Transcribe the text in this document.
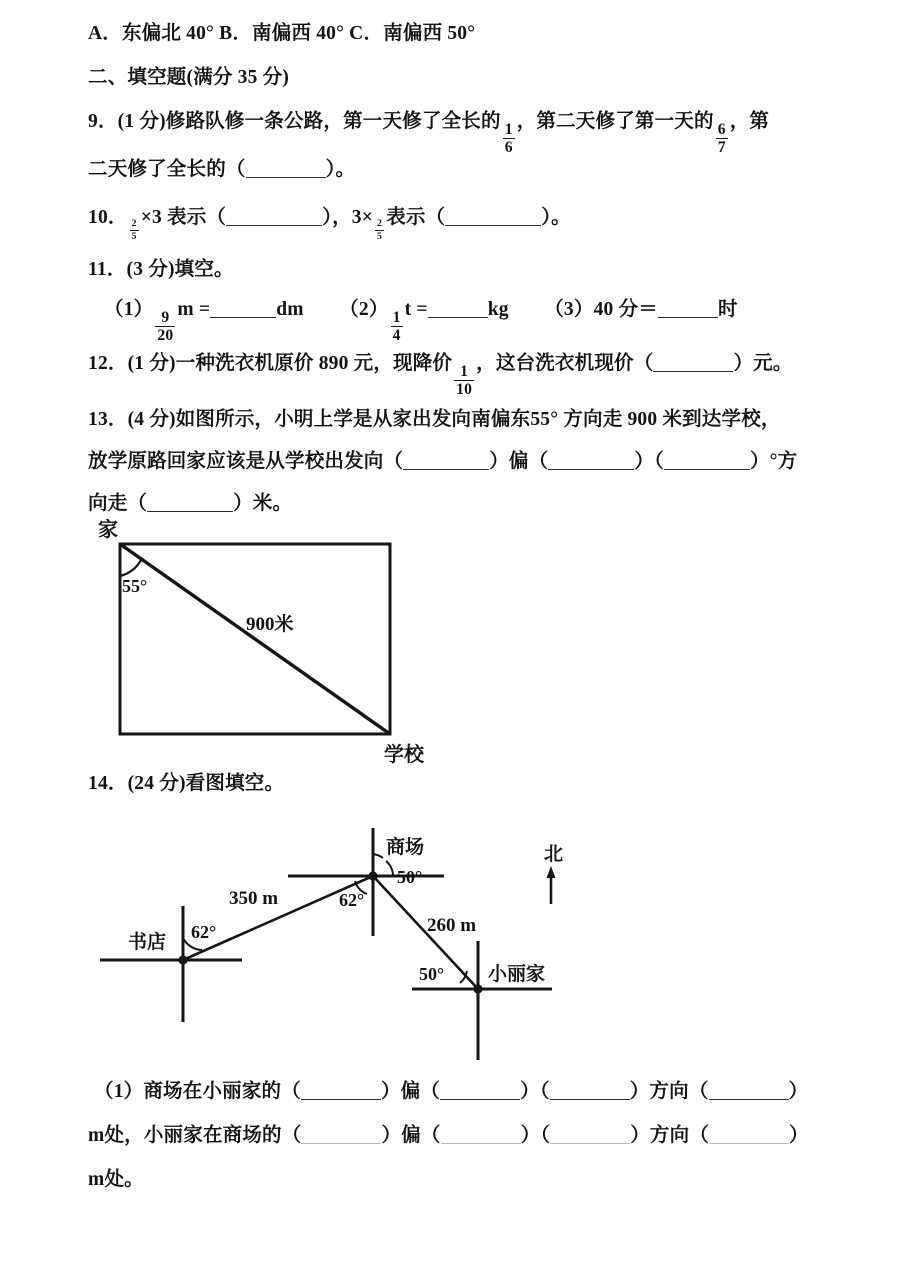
A．东偏北 40° B．南偏西 40° C．南偏西 50°
二、填空题(满分 35 分)
9．(1 分)修路队修一条公路，第一天修了全长的
$\frac{1}{6}$
，第二天修了第一天的
$\frac{6}{7}$
，第
二天修了全长的（	）。
10．
$\frac{2}{5}$
×3 表示（	），3×
$\frac{2}{5}$
表示（	）。
11．(3 分)填空。
（1）
$\frac{9}{20}$
m =	dm （2）
$\frac{1}{4}$
t =	kg （3）40 分＝	时
12．(1 分)一种洗衣机原价 890 元，现降价
$\frac{1}{10}$
，这台洗衣机现价（	）元。
13．(4 分)如图所示，小明上学是从家出发向南偏东55° 方向走 900 米到达学校，
放学原路回家应该是从学校出发向（	）偏（	）（	）°方
向走（	）米。
家
55°
900米
学校
14．(24 分)看图填空。
书店 62°
350 m
商场
62°
50°
260 m
50° 小丽家
北
（1）商场在小丽家的（	）偏（	）（	）方向（	）
m处，小丽家在商场的（	）偏（	）（	）方向（	）
m处。
